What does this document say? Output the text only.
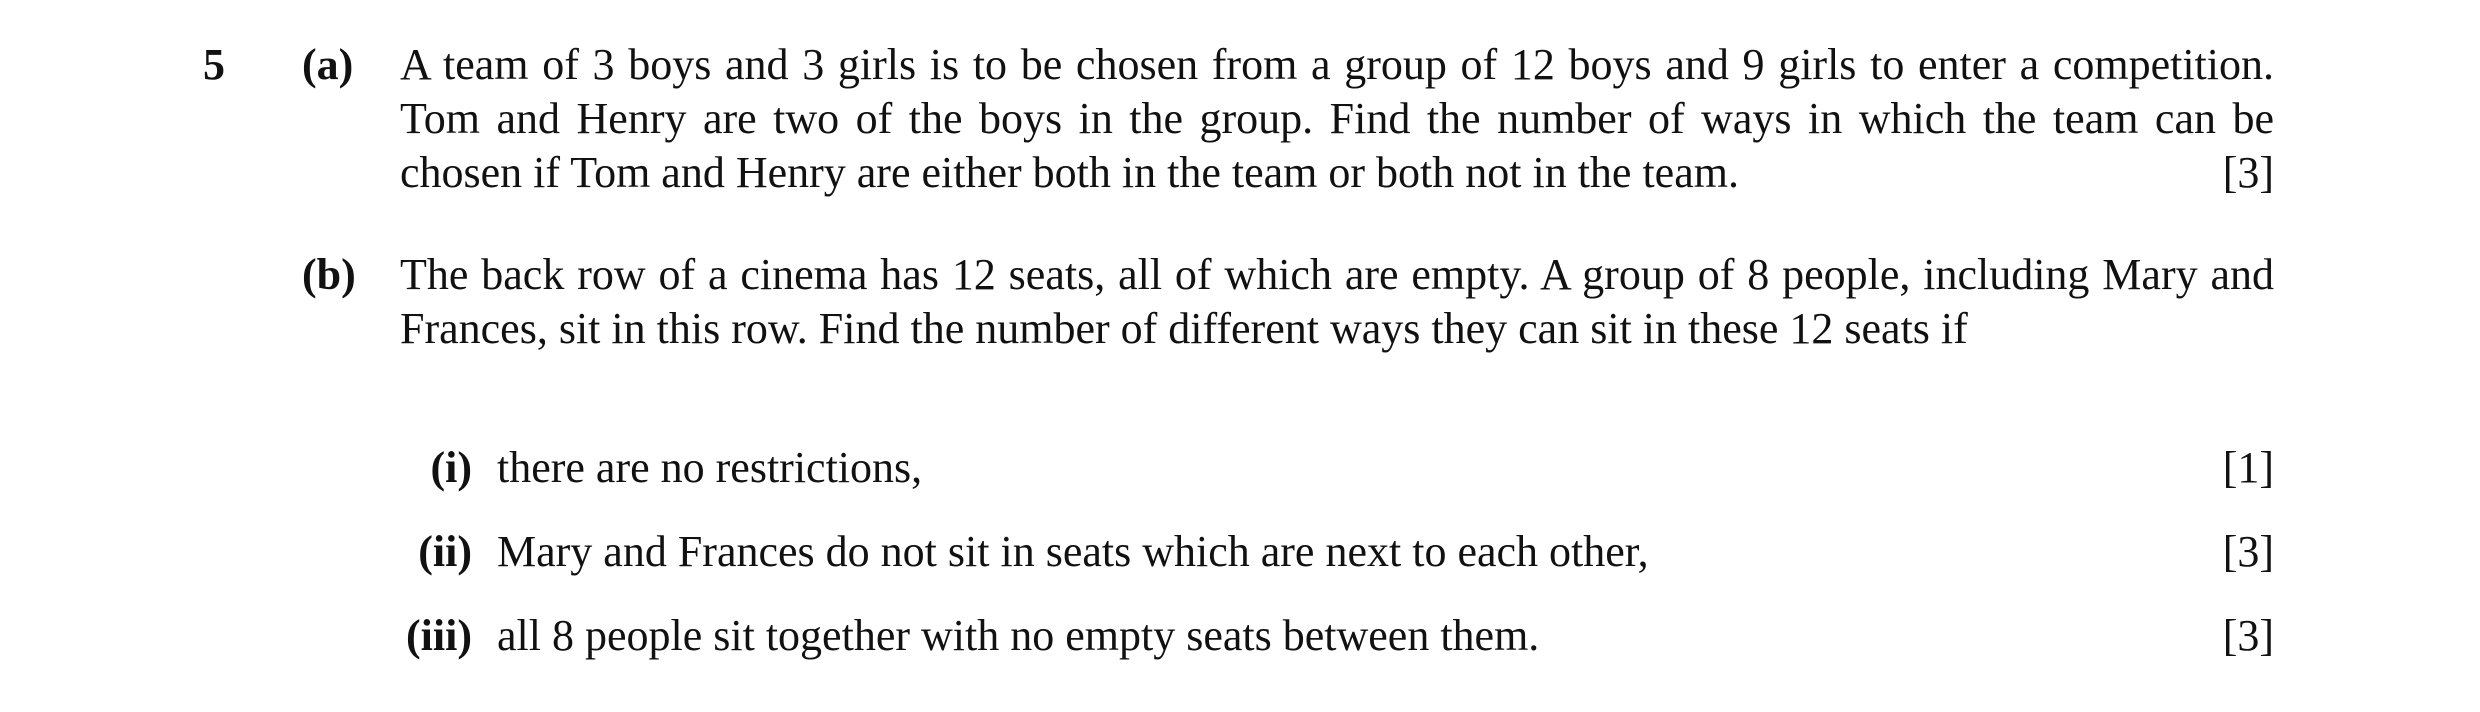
5 (a) A team of 3 boys and 3 girls is to be chosen from a group of 12 boys and 9 girls to enter a competition. Tom and Henry are two of the boys in the group. Find the number of ways in which the team can be chosen if Tom and Henry are either both in the team or both not in the team.	[3]
(b) The back row of a cinema has 12 seats, all of which are empty. A group of 8 people, including Mary and Frances, sit in this row. Find the number of different ways they can sit in these 12 seats if
(i) there are no restrictions,	[1]
(ii) Mary and Frances do not sit in seats which are next to each other,	[3]
(iii) all 8 people sit together with no empty seats between them.	[3]
